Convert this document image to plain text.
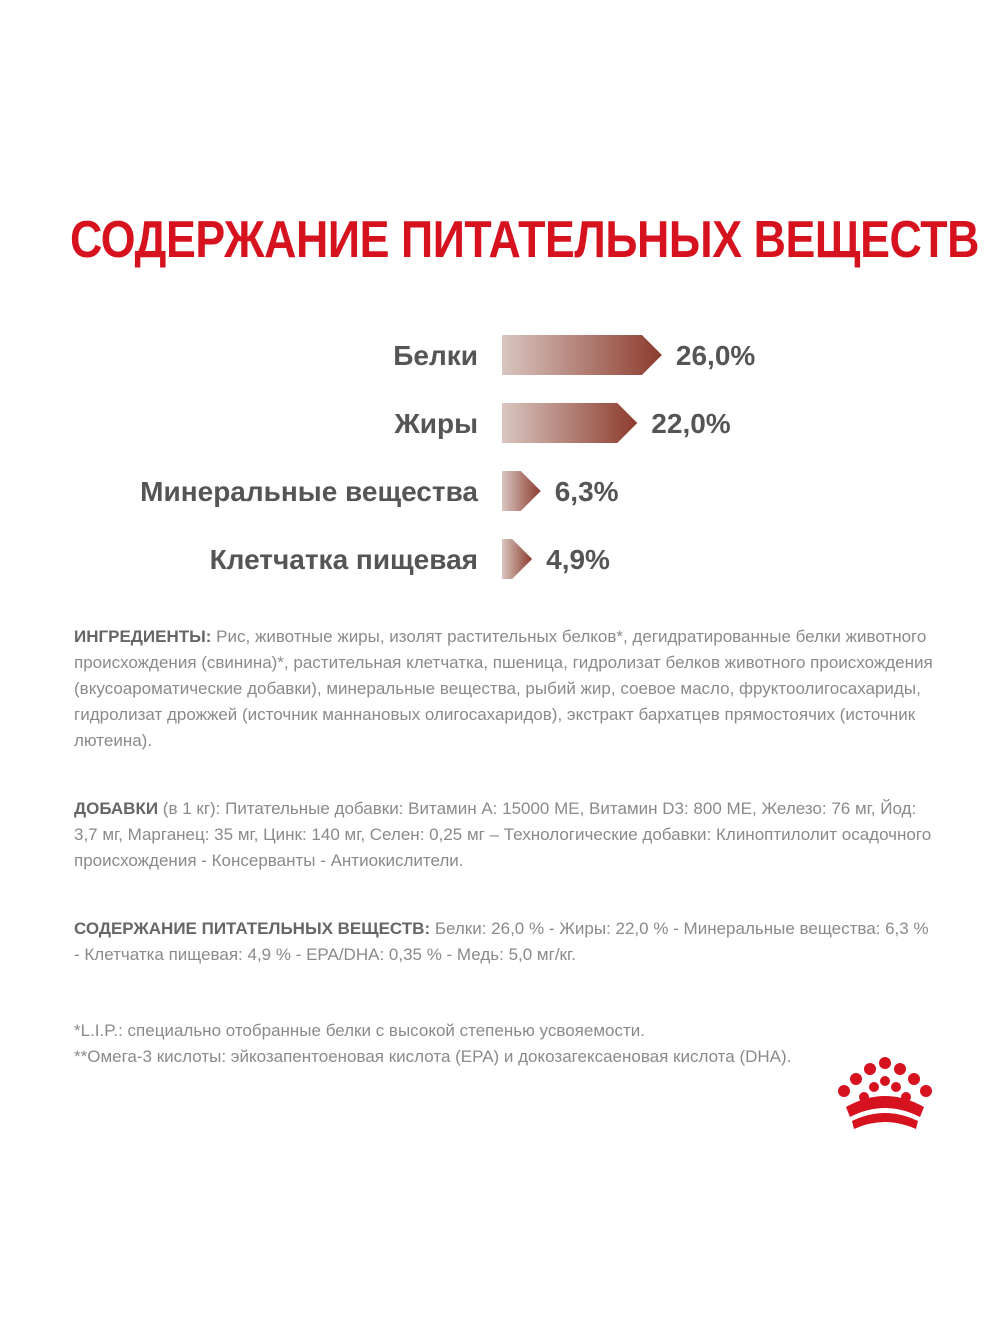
СОДЕРЖАНИЕ ПИТАТЕЛЬНЫХ ВЕЩЕСТВ
Белки	26,0%
Жиры	22,0%
Минеральные вещества	6,3%
Клетчатка пищевая 4,9%
ИНГРЕДИЕНТЫ: Рис, животные жиры, изолят растительных белков*, дегидратированные белки животного происхождения (свинина)*, растительная клетчатка, пшеница, гидролизат белков животного происхождения (вкусоароматические добавки), минеральные вещества, рыбий жир, соевое масло, фруктоолигосахариды, гидролизат дрожжей (источник маннановых олигосахаридов), экстракт бархатцев прямостоячих (источник лютеина).
ДОБАВКИ (в 1 кг): Питательные добавки: Витамин А: 15000 МЕ, Витамин D3: 800 МЕ, Железо: 76 мг, Йод: 3,7 мг, Марганец: 35 мг, Цинк: 140 мг, Селен: 0,25 мг – Технологические добавки: Клиноптилолит осадочного происхождения - Консерванты - Антиокислители.
СОДЕРЖАНИЕ ПИТАТЕЛЬНЫХ ВЕЩЕСТВ: Белки: 26,0 % - Жиры: 22,0 % - Минеральные вещества: 6,3 % - Клетчатка пищевая: 4,9 % - EPA/DHA: 0,35 % - Медь: 5,0 мг/кг.
*L.I.P.: специально отобранные белки с высокой степенью усвояемости.
**Омега-3 кислоты: эйкозапентоеновая кислота (EPA) и докозагексаеновая кислота (DHA).
